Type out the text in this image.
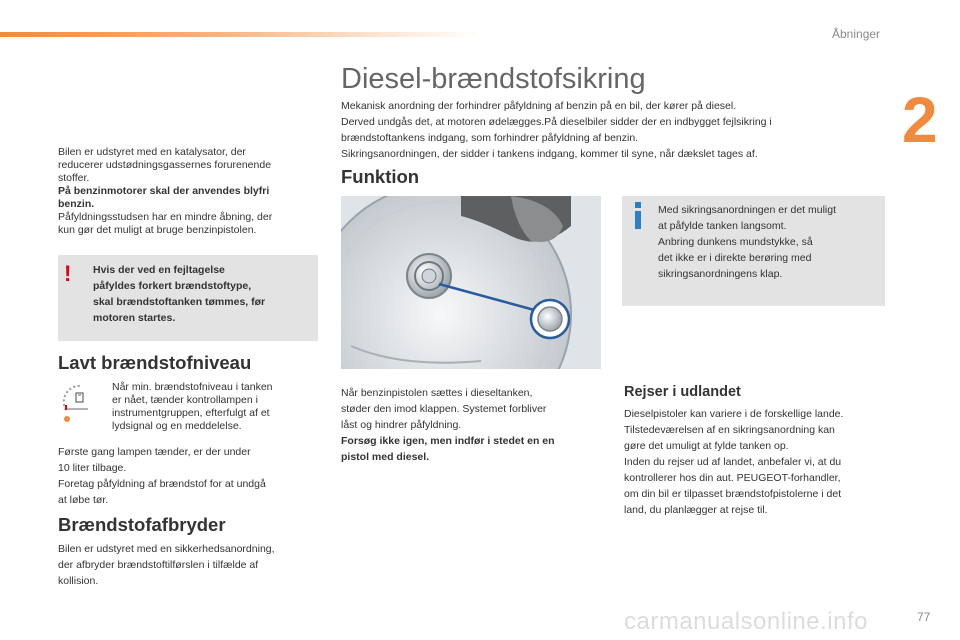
Åbninger
2
Bilen er udstyret med en katalysator, der
reducerer udstødningsgassernes forurenende
stoffer.
På benzinmotorer skal der anvendes blyfri
benzin.
Påfyldningsstudsen har en mindre åbning, der
kun gør det muligt at bruge benzinpistolen.
! Hvis der ved en fejltagelse
påfyldes forkert brændstoftype,
skal brændstoftanken tømmes, før
motoren startes.
Lavt brændstofniveau
Når min. brændstofniveau i tanken
er nået, tænder kontrollampen i
instrumentgruppen, efterfulgt af et
lydsignal og en meddelelse.
Første gang lampen tænder, er der under
10 liter tilbage.
Foretag påfyldning af brændstof for at undgå
at løbe tør.
Brændstofafbryder
Bilen er udstyret med en sikkerhedsanordning,
der afbryder brændstoftilførslen i tilfælde af
kollision.
Diesel-brændstofsikring
Mekanisk anordning der forhindrer påfyldning af benzin på en bil, der kører på diesel.
Derved undgås det, at motoren ødelægges.På dieselbiler sidder der en indbygget fejlsikring i
brændstoftankens indgang, som forhindrer påfyldning af benzin.
Sikringsanordningen, der sidder i tankens indgang, kommer til syne, når dækslet tages af.
Funktion
Med sikringsanordningen er det muligt
at påfylde tanken langsomt.
Anbring dunkens mundstykke, så
det ikke er i direkte berøring med
sikringsanordningens klap.
Når benzinpistolen sættes i dieseltanken,
støder den imod klappen. Systemet forbliver
låst og hindrer påfyldning.
Forsøg ikke igen, men indfør i stedet en en
pistol med diesel.
Rejser i udlandet
Dieselpistoler kan variere i de forskellige lande.
Tilstedeværelsen af en sikringsanordning kan
gøre det umuligt at fylde tanken op.
Inden du rejser ud af landet, anbefaler vi, at du
kontrollerer hos din aut. PEUGEOT-forhandler,
om din bil er tilpasset brændstofpistolerne i det
land, du planlægger at rejse til.
carmanualsonline.info	77
